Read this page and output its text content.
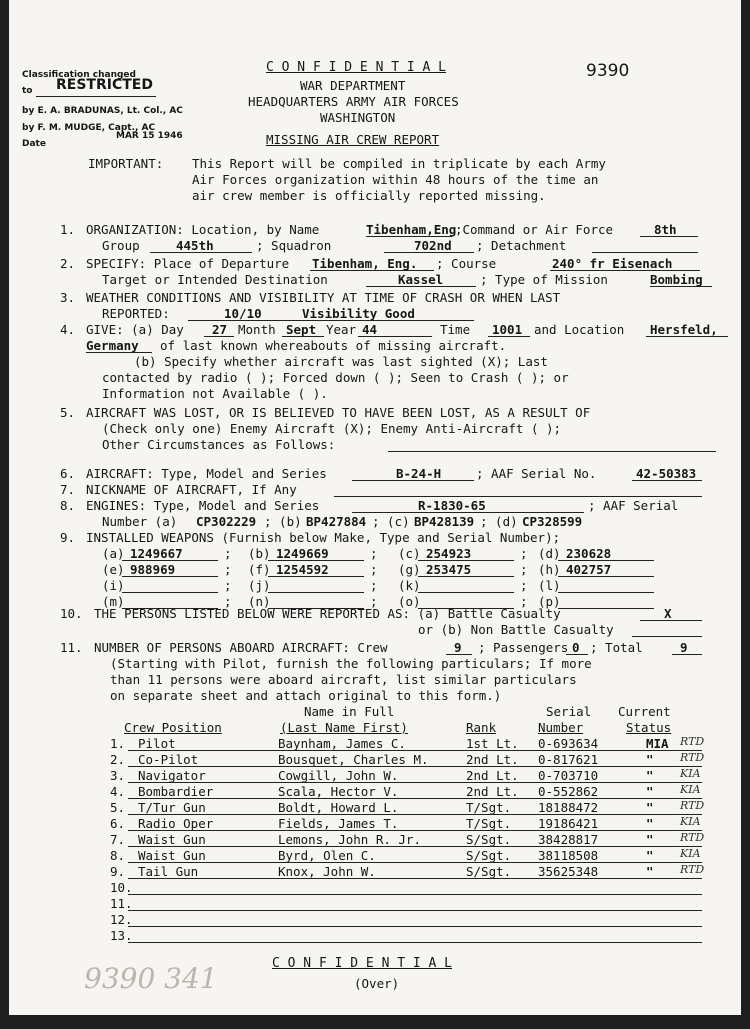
Classification changed
to RESTRICTED
by E. A. BRADUNAS, Lt. Col., AC
by F. M. MUDGE, Capt., AC
Date
MAR 15 1946
C O N F I D E N T I A L
WAR DEPARTMENT
HEADQUARTERS ARMY AIR FORCES
WASHINGTON
MISSING AIR CREW REPORT
9390
IMPORTANT: This Report will be compiled in triplicate by each Army
Air Forces organization within 48 hours of the time an
air crew member is officially reported missing.
1. ORGANIZATION: Location, by Name	Tibenham,Eng
;Command or Air Force	8th
Group	445th	; Squadron	702nd ; Detachment
2. SPECIFY: Place of Departure Tibenham, Eng. ; Course	240° fr Eisenach
Target or Intended Destination	Kassel	; Type of Mission	Bombing
3. WEATHER CONDITIONS AND VISIBILITY AT TIME OF CRASH OR WHEN LAST
REPORTED:	10/10	Visibility Good
4. GIVE: (a) Day 27 Month Sept Year 44	Time 1001 and Location Hersfeld,
Germany of last known whereabouts of missing aircraft.
(b) Specify whether aircraft was last sighted (X); Last
contacted by radio ( ); Forced down ( ); Seen to Crash ( ); or
Information not Available ( ).
5. AIRCRAFT WAS LOST, OR IS BELIEVED TO HAVE BEEN LOST, AS A RESULT OF
(Check only one) Enemy Aircraft (X); Enemy Anti-Aircraft ( );
Other Circumstances as Follows:
6. AIRCRAFT: Type, Model and Series	B-24-H	; AAF Serial No.	42-50383
7. NICKNAME OF AIRCRAFT, If Any
8. ENGINES: Type, Model and Series	R-1830-65	; AAF Serial
Number (a) CP302229 ; (b) BP427884 ; (c) BP428139 ; (d) CP328599
9. INSTALLED WEAPONS (Furnish below Make, Type and Serial Number);
10. THE PERSONS LISTED BELOW WERE REPORTED AS: (a) Battle Casualty	X
or (b) Non Battle Casualty
11. NUMBER OF PERSONS ABOARD AIRCRAFT: Crew	9 ; Passengers 0 ; Total	9
(Starting with Pilot, furnish the following particulars; If more
than 11 persons were aboard aircraft, list similar particulars
on separate sheet and attach original to this form.)
Name in Full	Serial Current
Crew Position	(Last Name First)	Rank	Number	Status
C O N F I D E N T I A L
(Over)
9390 341
(a) 1249667	; (b) 1249669	; (c) 254923	; (d) 230628
(e) 988969	; (f) 1254592	; (g) 253475	; (h) 402757
(i)	; (j)	; (k)	; (l)
(m)	; (n)	; (o)	; (p)
1. Pilot	Baynham, James C.	1st Lt. 0-693634	MIA RTD
2. Co-Pilot	Bousquet, Charles M.	2nd Lt. 0-817621	" RTD
3. Navigator	Cowgill, John W.	2nd Lt. 0-703710	" KIA
4. Bombardier	Scala, Hector V.	2nd Lt. 0-552862	" KIA
5. T/Tur Gun	Boldt, Howard L.	T/Sgt. 18188472	" RTD
6. Radio Oper	Fields, James T.	T/Sgt. 19186421	" KIA
7. Waist Gun	Lemons, John R. Jr.	S/Sgt. 38428817	" RTD
8. Waist Gun	Byrd, Olen C.	S/Sgt. 38118508	" KIA
9. Tail Gun	Knox, John W.	S/Sgt. 35625348	" RTD
10.
11.
12.
13.
